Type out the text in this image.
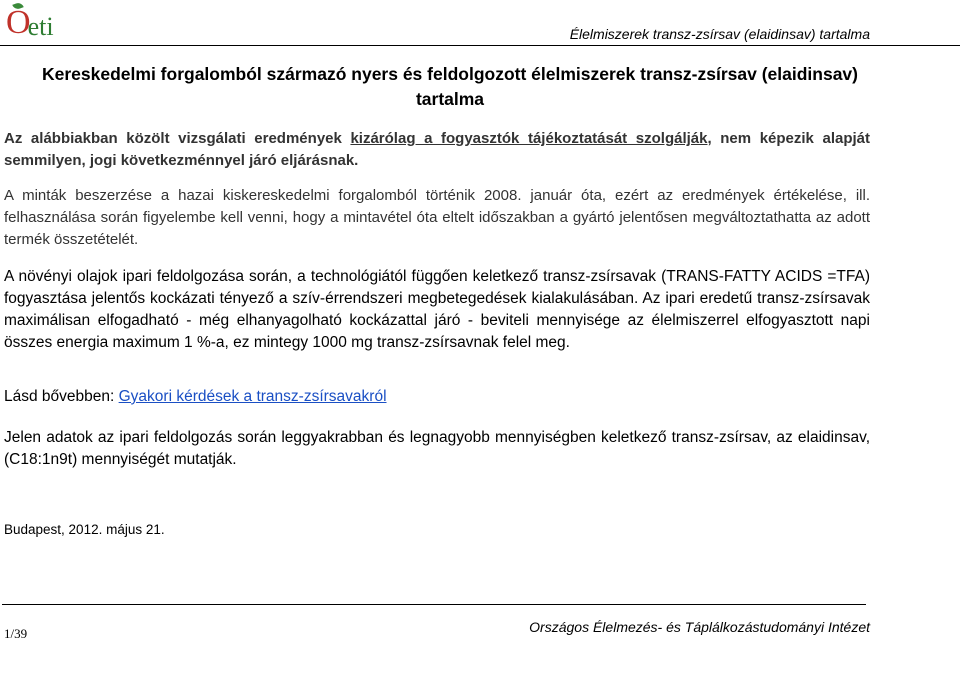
Oeti	Élelmiszerek transz-zsírsav (elaidinsav) tartalma
Kereskedelmi forgalomból származó nyers és feldolgozott élelmiszerek transz-zsírsav (elaidinsav) tartalma
Az alábbiakban közölt vizsgálati eredmények kizárólag a fogyasztók tájékoztatását szolgálják, nem képezik alapját semmilyen, jogi következménnyel járó eljárásnak.
A minták beszerzése a hazai kiskereskedelmi forgalomból történik 2008. január óta, ezért az eredmények értékelése, ill. felhasználása során figyelembe kell venni, hogy a mintavétel óta eltelt időszakban a gyártó jelentősen megváltoztathatta az adott termék összetételét.
A növényi olajok ipari feldolgozása során, a technológiától függően keletkező transz-zsírsavak (TRANS-FATTY ACIDS =TFA) fogyasztása jelentős kockázati tényező a szív-érrendszeri megbetegedések kialakulásában. Az ipari eredetű transz-zsírsavak maximálisan elfogadható - még elhanyagolható kockázattal járó - beviteli mennyisége az élelmiszerrel elfogyasztott napi összes energia maximum 1 %-a, ez mintegy 1000 mg transz-zsírsavnak felel meg.
Lásd bővebben: Gyakori kérdések a transz-zsírsavakról
Jelen adatok az ipari feldolgozás során leggyakrabban és legnagyobb mennyiségben keletkező transz-zsírsav, az elaidinsav, (C18:1n9t) mennyiségét mutatják.
Budapest, 2012. május 21.
1/39	Országos Élelmezés- és Táplálkozástudományi Intézet
